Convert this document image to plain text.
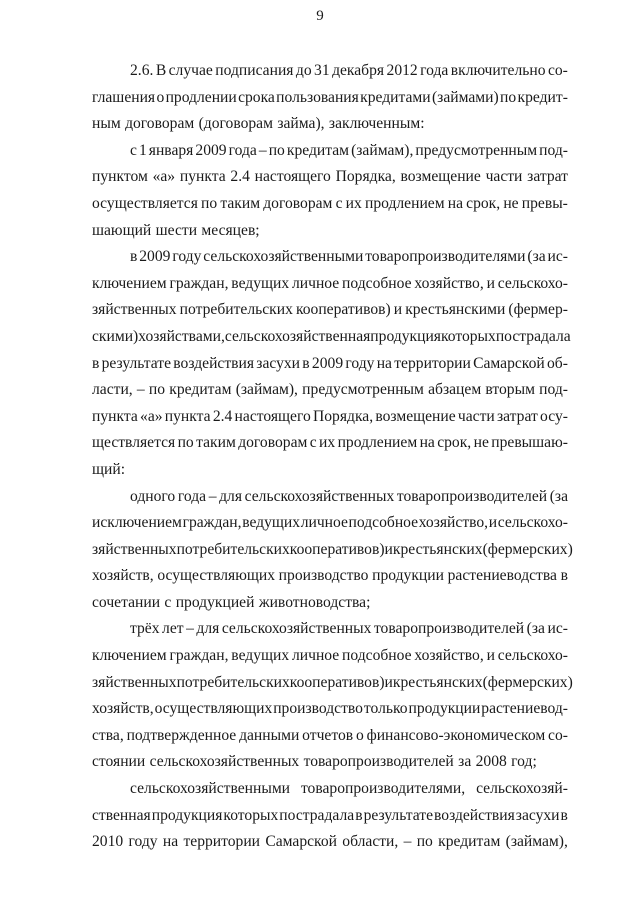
9
2.6. В случае подписания до 31 декабря 2012 года включительно со-
глашения о продлении срока пользования кредитами (займами) по кредит-
ным договорам (договорам займа), заключенным:
с 1 января 2009 года – по кредитам (займам), предусмотренным под-
пунктом «а» пункта 2.4 настоящего Порядка, возмещение части затрат
осуществляется по таким договорам с их продлением на срок, не превы-
шающий шести месяцев;
в 2009 году сельскохозяйственными товаропроизводителями (за ис-
ключением граждан, ведущих личное подсобное хозяйство, и сельскохо-
зяйственных потребительских кооперативов) и крестьянскими (фермер-
скими) хозяйствами, сельскохозяйственная продукция которых пострадала
в результате воздействия засухи в 2009 году на территории Самарской об-
ласти, – по кредитам (займам), предусмотренным абзацем вторым под-
пункта «а» пункта 2.4 настоящего Порядка, возмещение части затрат осу-
ществляется по таким договорам с их продлением на срок, не превышаю-
щий:
одного года – для сельскохозяйственных товаропроизводителей (за
исключением граждан, ведущих личное подсобное хозяйство, и сельскохо-
зяйственных потребительских кооперативов) и крестьянских (фермерских)
хозяйств, осуществляющих производство продукции растениеводства в
сочетании с продукцией животноводства;
трёх лет – для сельскохозяйственных товаропроизводителей (за ис-
ключением граждан, ведущих личное подсобное хозяйство, и сельскохо-
зяйственных потребительских кооперативов) и крестьянских (фермерских)
хозяйств, осуществляющих производство только продукции растениевод-
ства, подтвержденное данными отчетов о финансово-экономическом со-
стоянии сельскохозяйственных товаропроизводителей за 2008 год;
сельскохозяйственными товаропроизводителями, сельскохозяй-
ственная продукция которых пострадала в результате воздействия засухи в
2010 году на территории Самарской области, – по кредитам (займам),
